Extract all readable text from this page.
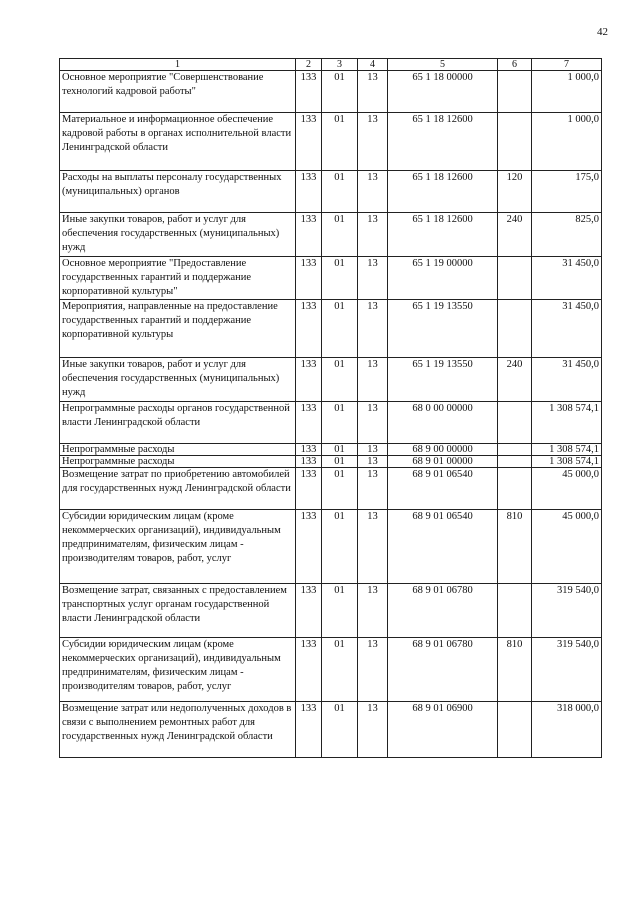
42
1	2	3	4	5	6	7
Основное мероприятие "Совершенствование технологий кадровой работы"	133	01	13	65 1 18 00000		1 000,0
Материальное и информационное обеспечение кадровой работы в органах исполнительной власти Ленинградской области	133	01	13	65 1 18 12600		1 000,0
Расходы на выплаты персоналу государственных (муниципальных) органов	133	01	13	65 1 18 12600	120	175,0
Иные закупки товаров, работ и услуг для обеспечения государственных (муниципальных) нужд	133	01	13	65 1 18 12600	240	825,0
Основное мероприятие "Предоставление государственных гарантий и поддержание корпоративной культуры"	133	01	13	65 1 19 00000		31 450,0
Мероприятия, направленные на предоставление государственных гарантий и поддержание корпоративной культуры	133	01	13	65 1 19 13550		31 450,0
Иные закупки товаров, работ и услуг для обеспечения государственных (муниципальных) нужд	133	01	13	65 1 19 13550	240	31 450,0
Непрограммные расходы органов государственной власти Ленинградской области	133	01	13	68 0 00 00000		1 308 574,1
Непрограммные расходы	133	01	13	68 9 00 00000		1 308 574,1
Непрограммные расходы	133	01	13	68 9 01 00000		1 308 574,1
Возмещение затрат по приобретению автомобилей для государственных нужд Ленинградской области	133	01	13	68 9 01 06540		45 000,0
Субсидии юридическим лицам (кроме некоммерческих организаций), индивидуальным предпринимателям, физическим лицам - производителям товаров, работ, услуг	133	01	13	68 9 01 06540	810	45 000,0
Возмещение затрат, связанных с предоставлением транспортных услуг органам государственной власти Ленинградской области	133	01	13	68 9 01 06780		319 540,0
Субсидии юридическим лицам (кроме некоммерческих организаций), индивидуальным предпринимателям, физическим лицам - производителям товаров, работ, услуг	133	01	13	68 9 01 06780	810	319 540,0
Возмещение затрат или недополученных доходов в связи с выполнением ремонтных работ для государственных нужд Ленинградской области	133	01	13	68 9 01 06900		318 000,0
